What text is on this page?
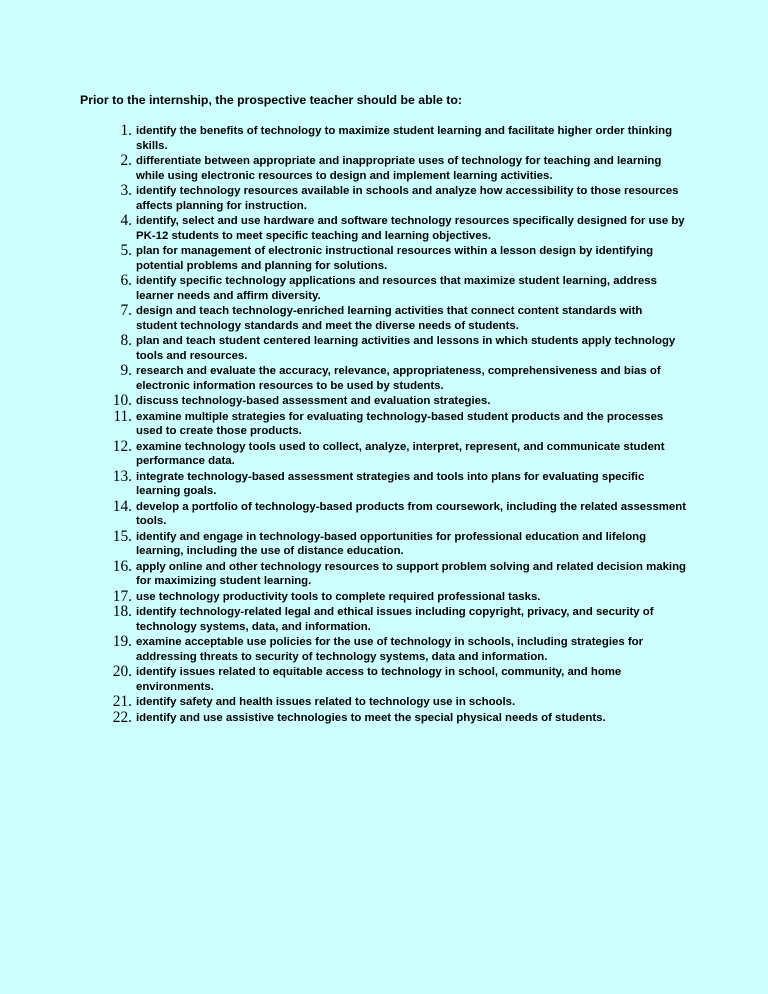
Prior to the internship, the prospective teacher should be able to:

1. identify the benefits of technology to maximize student learning and facilitate higher order thinking skills.
2. differentiate between appropriate and inappropriate uses of technology for teaching and learning while using electronic resources to design and implement learning activities.
3. identify technology resources available in schools and analyze how accessibility to those resources affects planning for instruction.
4. identify, select and use hardware and software technology resources specifically designed for use by PK-12 students to meet specific teaching and learning objectives.
5. plan for management of electronic instructional resources within a lesson design by identifying potential problems and planning for solutions.
6. identify specific technology applications and resources that maximize student learning, address learner needs and affirm diversity.
7. design and teach technology-enriched learning activities that connect content standards with student technology standards and meet the diverse needs of students.
8. plan and teach student centered learning activities and lessons in which students apply technology tools and resources.
9. research and evaluate the accuracy, relevance, appropriateness, comprehensiveness and bias of electronic information resources to be used by students.
10. discuss technology-based assessment and evaluation strategies.
11. examine multiple strategies for evaluating technology-based student products and the processes used to create those products.
12. examine technology tools used to collect, analyze, interpret, represent, and communicate student performance data.
13. integrate technology-based assessment strategies and tools into plans for evaluating specific learning goals.
14. develop a portfolio of technology-based products from coursework, including the related assessment tools.
15. identify and engage in technology-based opportunities for professional education and lifelong learning, including the use of distance education.
16. apply online and other technology resources to support problem solving and related decision making for maximizing student learning.
17. use technology productivity tools to complete required professional tasks.
18. identify technology-related legal and ethical issues including copyright, privacy, and security of technology systems, data, and information.
19. examine acceptable use policies for the use of technology in schools, including strategies for addressing threats to security of technology systems, data and information.
20. identify issues related to equitable access to technology in school, community, and home environments.
21. identify safety and health issues related to technology use in schools.
22. identify and use assistive technologies to meet the special physical needs of students.
